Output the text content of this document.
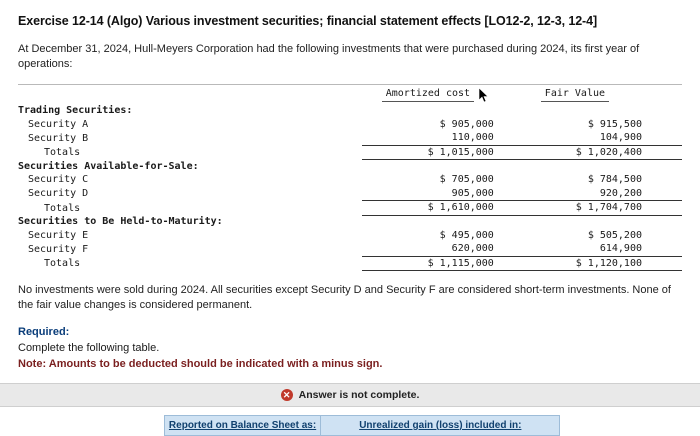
Exercise 12-14 (Algo) Various investment securities; financial statement effects [LO12-2, 12-3, 12-4]
At December 31, 2024, Hull-Meyers Corporation had the following investments that were purchased during 2024, its first year of operations:
	Amortized cost	Fair Value
Trading Securities:		
Security A	$ 905,000	$ 915,500
Security B	110,000	104,900
Totals	$ 1,015,000	$ 1,020,400
Securities Available-for-Sale:		
Security C	$ 705,000	$ 784,500
Security D	905,000	920,200
Totals	$ 1,610,000	$ 1,704,700
Securities to Be Held-to-Maturity:		
Security E	$ 495,000	$ 505,200
Security F	620,000	614,900
Totals	$ 1,115,000	$ 1,120,100
No investments were sold during 2024. All securities except Security D and Security F are considered short-term investments. None of the fair value changes is considered permanent.
Required:
Complete the following table.
Note: Amounts to be deducted should be indicated with a minus sign.
✕ Answer is not complete.
	Reported on Balance Sheet as:	Unrealized gain (loss) included in:	
